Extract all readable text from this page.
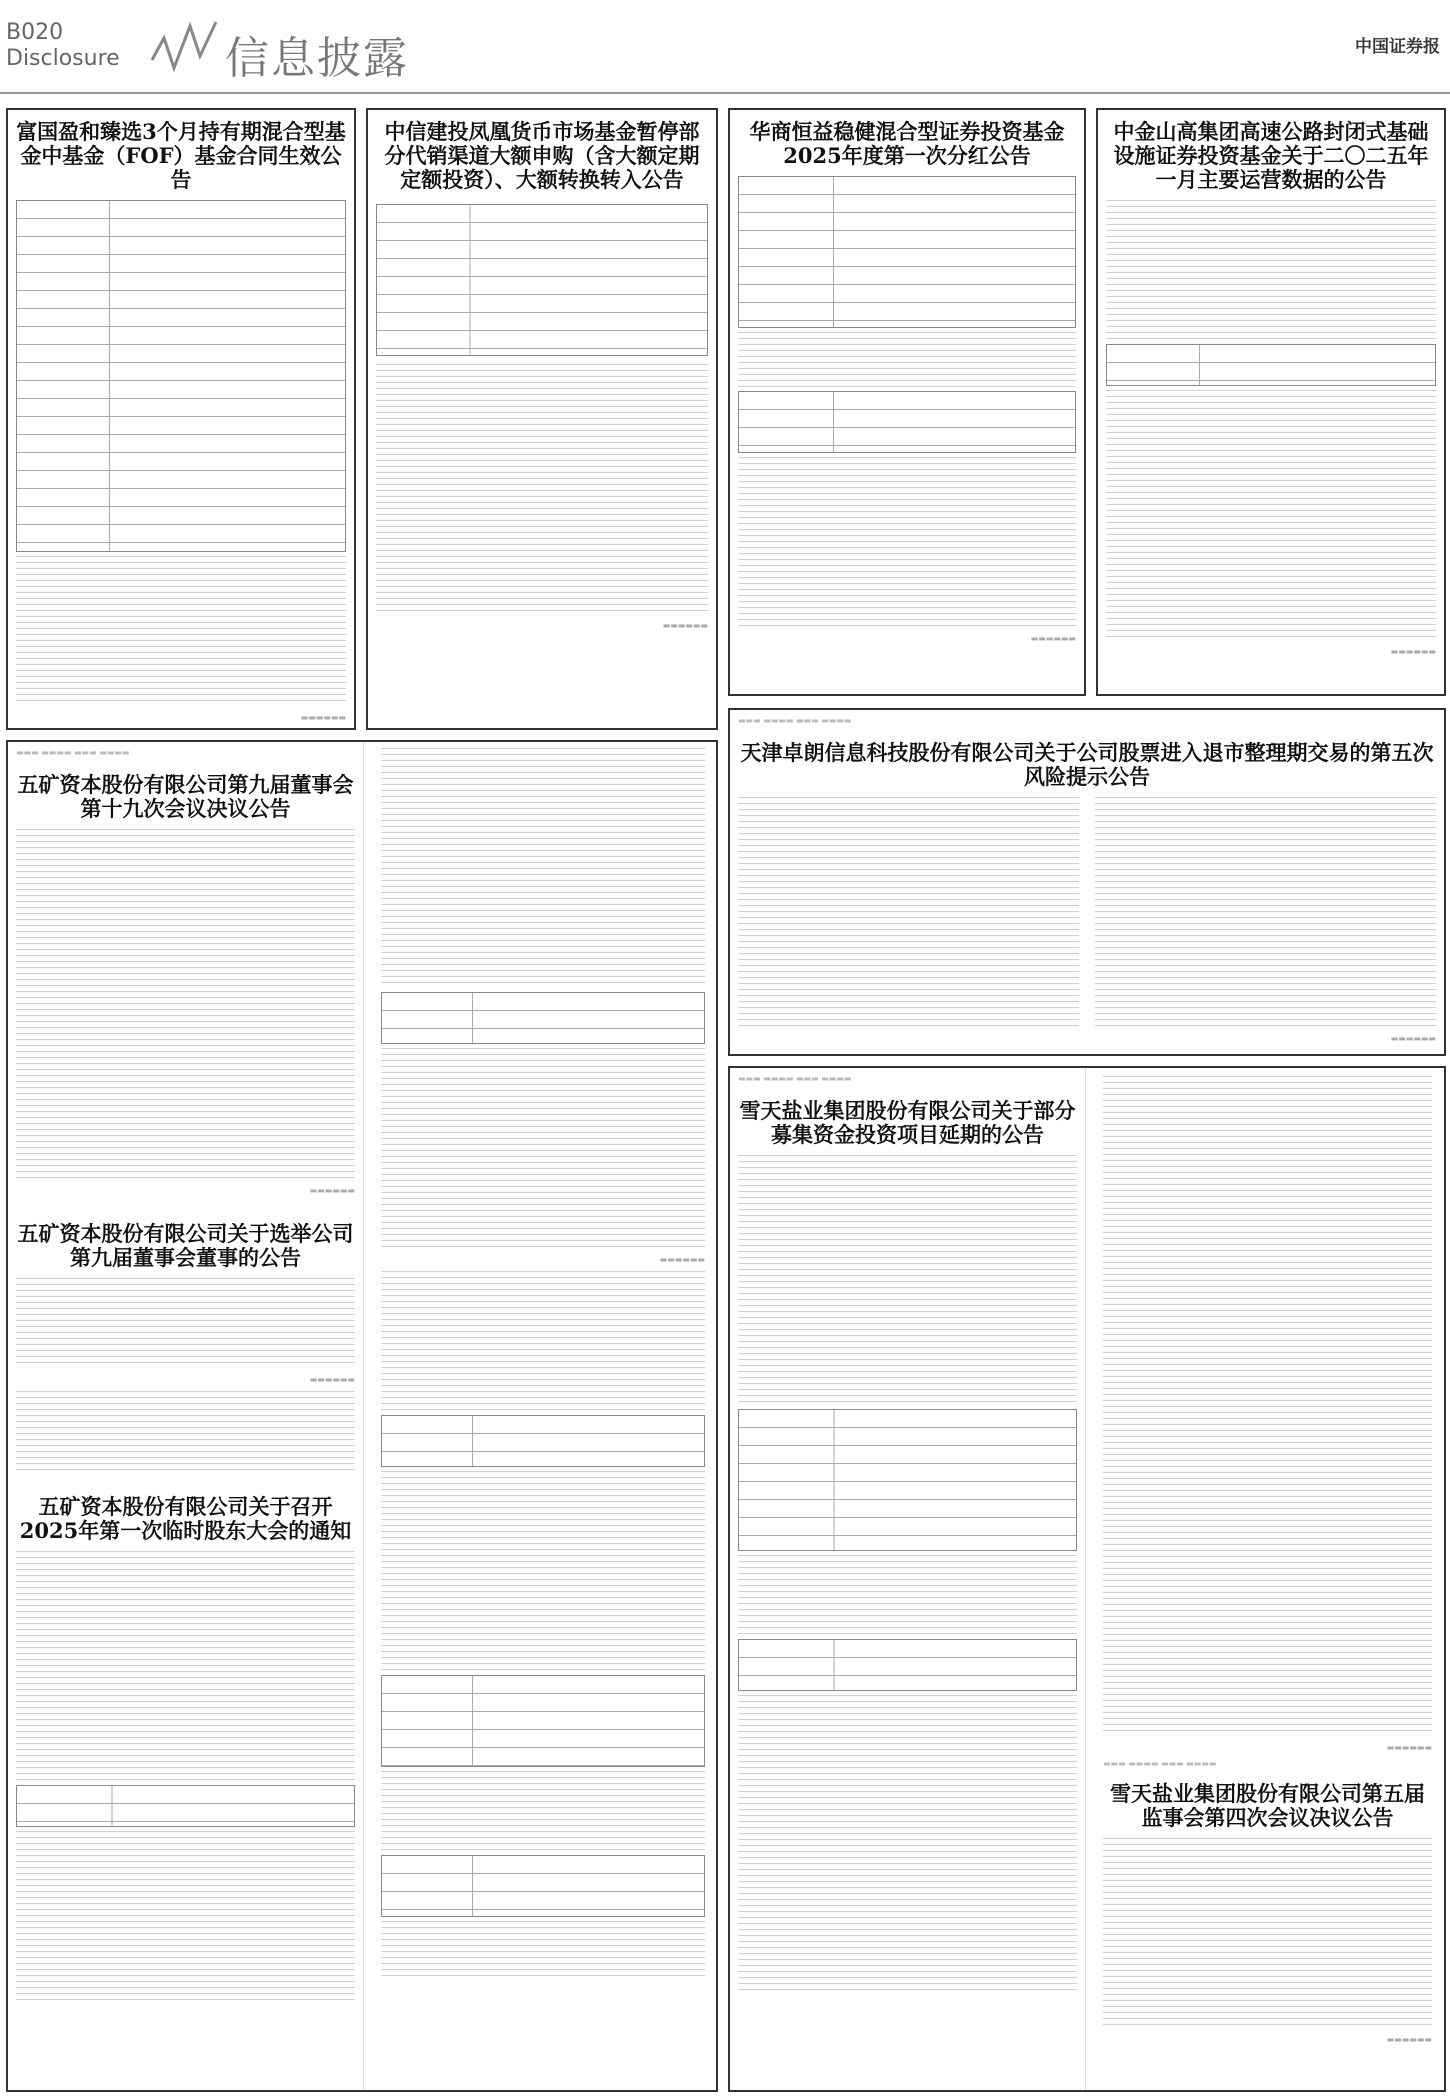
B020
Disclosure 信息披露	中国证券报
富国盈和臻选3个月持有期混合型基金中基金（FOF）基金合同生效公告
▬▬▬▬▬▬
中信建投凤凰货币市场基金暂停部分代销渠道大额申购（含大额定期定额投资）、大额转换转入公告
▬▬▬▬▬▬
华商恒益稳健混合型证券投资基金2025年度第一次分红公告
▬▬▬▬▬▬
中金山高集团高速公路封闭式基础设施证券投资基金关于二〇二五年一月主要运营数据的公告
▬▬▬▬▬▬
▬▬▬ ▬▬▬▬ ▬▬▬ ▬▬▬▬
五矿资本股份有限公司第九届董事会第十九次会议决议公告
▬▬▬▬▬▬
五矿资本股份有限公司关于选举公司第九届董事会董事的公告
▬▬▬▬▬▬
五矿资本股份有限公司关于召开2025年第一次临时股东大会的通知
▬▬▬▬▬▬
▬▬▬ ▬▬▬▬ ▬▬▬ ▬▬▬▬
天津卓朗信息科技股份有限公司关于公司股票进入退市整理期交易的第五次风险提示公告
▬▬▬▬▬▬
▬▬▬ ▬▬▬▬ ▬▬▬ ▬▬▬▬
雪天盐业集团股份有限公司关于部分募集资金投资项目延期的公告
▬▬▬▬▬▬
▬▬▬ ▬▬▬▬ ▬▬▬ ▬▬▬▬
雪天盐业集团股份有限公司第五届监事会第四次会议决议公告
▬▬▬▬▬▬
